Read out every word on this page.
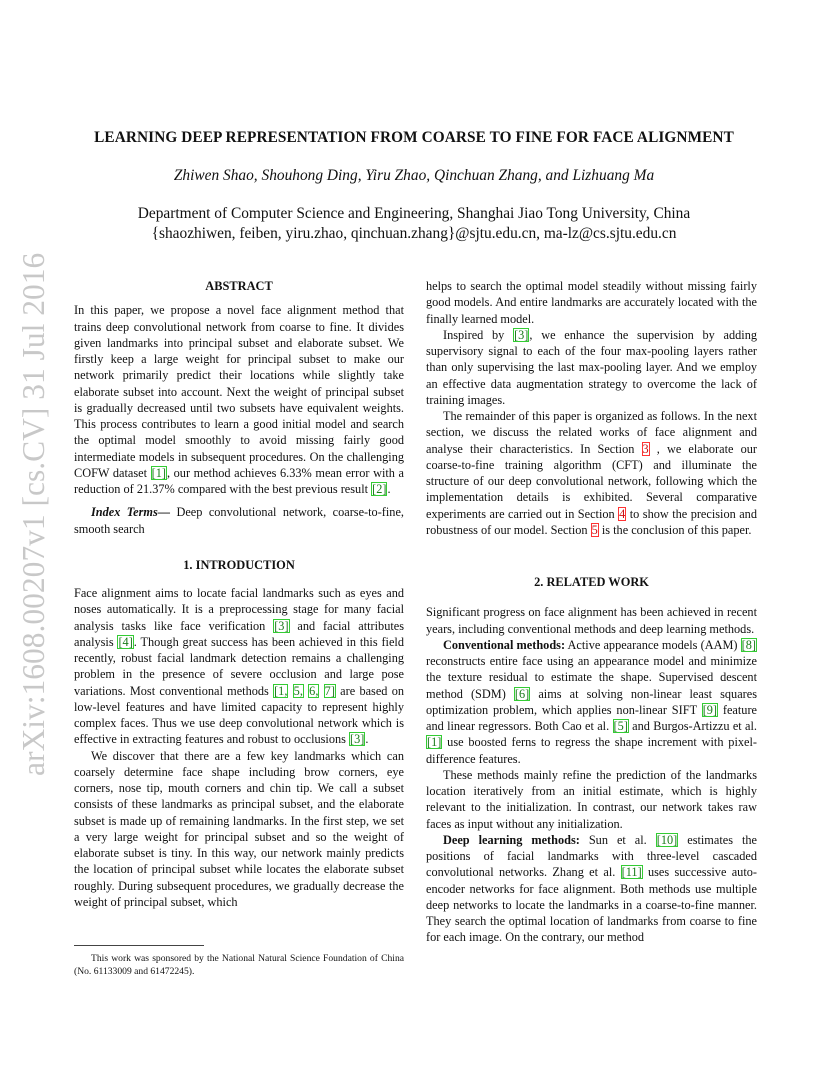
arXiv:1608.00207v1 [cs.CV] 31 Jul 2016
LEARNING DEEP REPRESENTATION FROM COARSE TO FINE FOR FACE ALIGNMENT
Zhiwen Shao, Shouhong Ding, Yiru Zhao, Qinchuan Zhang, and Lizhuang Ma
Department of Computer Science and Engineering, Shanghai Jiao Tong University, China
{shaozhiwen, feiben, yiru.zhao, qinchuan.zhang}@sjtu.edu.cn, ma-lz@cs.sjtu.edu.cn

ABSTRACT

In this paper, we propose a novel face alignment method that trains deep convolutional network from coarse to fine. It divides given landmarks into principal subset and elaborate subset. We firstly keep a large weight for principal subset to make our network primarily predict their locations while slightly take elaborate subset into account. Next the weight of principal subset is gradually decreased until two subsets have equivalent weights. This process contributes to learn a good initial model and search the optimal model smoothly to avoid missing fairly good intermediate models in subsequent procedures. On the challenging COFW dataset [1], our method achieves 6.33% mean error with a reduction of 21.37% compared with the best previous result [2].

Index Terms— Deep convolutional network, coarse-to-fine, smooth search

1. INTRODUCTION

Face alignment aims to locate facial landmarks such as eyes and noses automatically. It is a preprocessing stage for many facial analysis tasks like face verification [3] and facial attributes analysis [4]. Though great success has been achieved in this field recently, robust facial landmark detection remains a challenging problem in the presence of severe occlusion and large pose variations. Most conventional methods [1, 5, 6, 7] are based on low-level features and have limited capacity to represent highly complex faces. Thus we use deep convolutional network which is effective in extracting features and robust to occlusions [3].

We discover that there are a few key landmarks which can coarsely determine face shape including brow corners, eye corners, nose tip, mouth corners and chin tip. We call a subset consists of these landmarks as principal subset, and the elaborate subset is made up of remaining landmarks. In the first step, we set a very large weight for principal subset and so the weight of elaborate subset is tiny. In this way, our network mainly predicts the location of principal subset while locates the elaborate subset roughly. During subsequent procedures, we gradually decrease the weight of principal subset, which

This work was sponsored by the National Natural Science Foundation of China (No. 61133009 and 61472245).

helps to search the optimal model steadily without missing fairly good models. And entire landmarks are accurately located with the finally learned model.

Inspired by [3], we enhance the supervision by adding supervisory signal to each of the four max-pooling layers rather than only supervising the last max-pooling layer. And we employ an effective data augmentation strategy to overcome the lack of training images.

The remainder of this paper is organized as follows. In the next section, we discuss the related works of face alignment and analyse their characteristics. In Section 3 , we elaborate our coarse-to-fine training algorithm (CFT) and illuminate the structure of our deep convolutional network, following which the implementation details is exhibited. Several comparative experiments are carried out in Section 4 to show the precision and robustness of our model. Section 5 is the conclusion of this paper.

2. RELATED WORK

Significant progress on face alignment has been achieved in recent years, including conventional methods and deep learning methods.

Conventional methods: Active appearance models (AAM) [8] reconstructs entire face using an appearance model and minimize the texture residual to estimate the shape. Supervised descent method (SDM) [6] aims at solving non-linear least squares optimization problem, which applies non-linear SIFT [9] feature and linear regressors. Both Cao et al. [5] and Burgos-Artizzu et al. [1] use boosted ferns to regress the shape increment with pixel-difference features.

These methods mainly refine the prediction of the landmarks location iteratively from an initial estimate, which is highly relevant to the initialization. In contrast, our network takes raw faces as input without any initialization.

Deep learning methods: Sun et al. [10] estimates the positions of facial landmarks with three-level cascaded convolutional networks. Zhang et al. [11] uses successive auto-encoder networks for face alignment. Both methods use multiple deep networks to locate the landmarks in a coarse-to-fine manner. They search the optimal location of landmarks from coarse to fine for each image. On the contrary, our method
